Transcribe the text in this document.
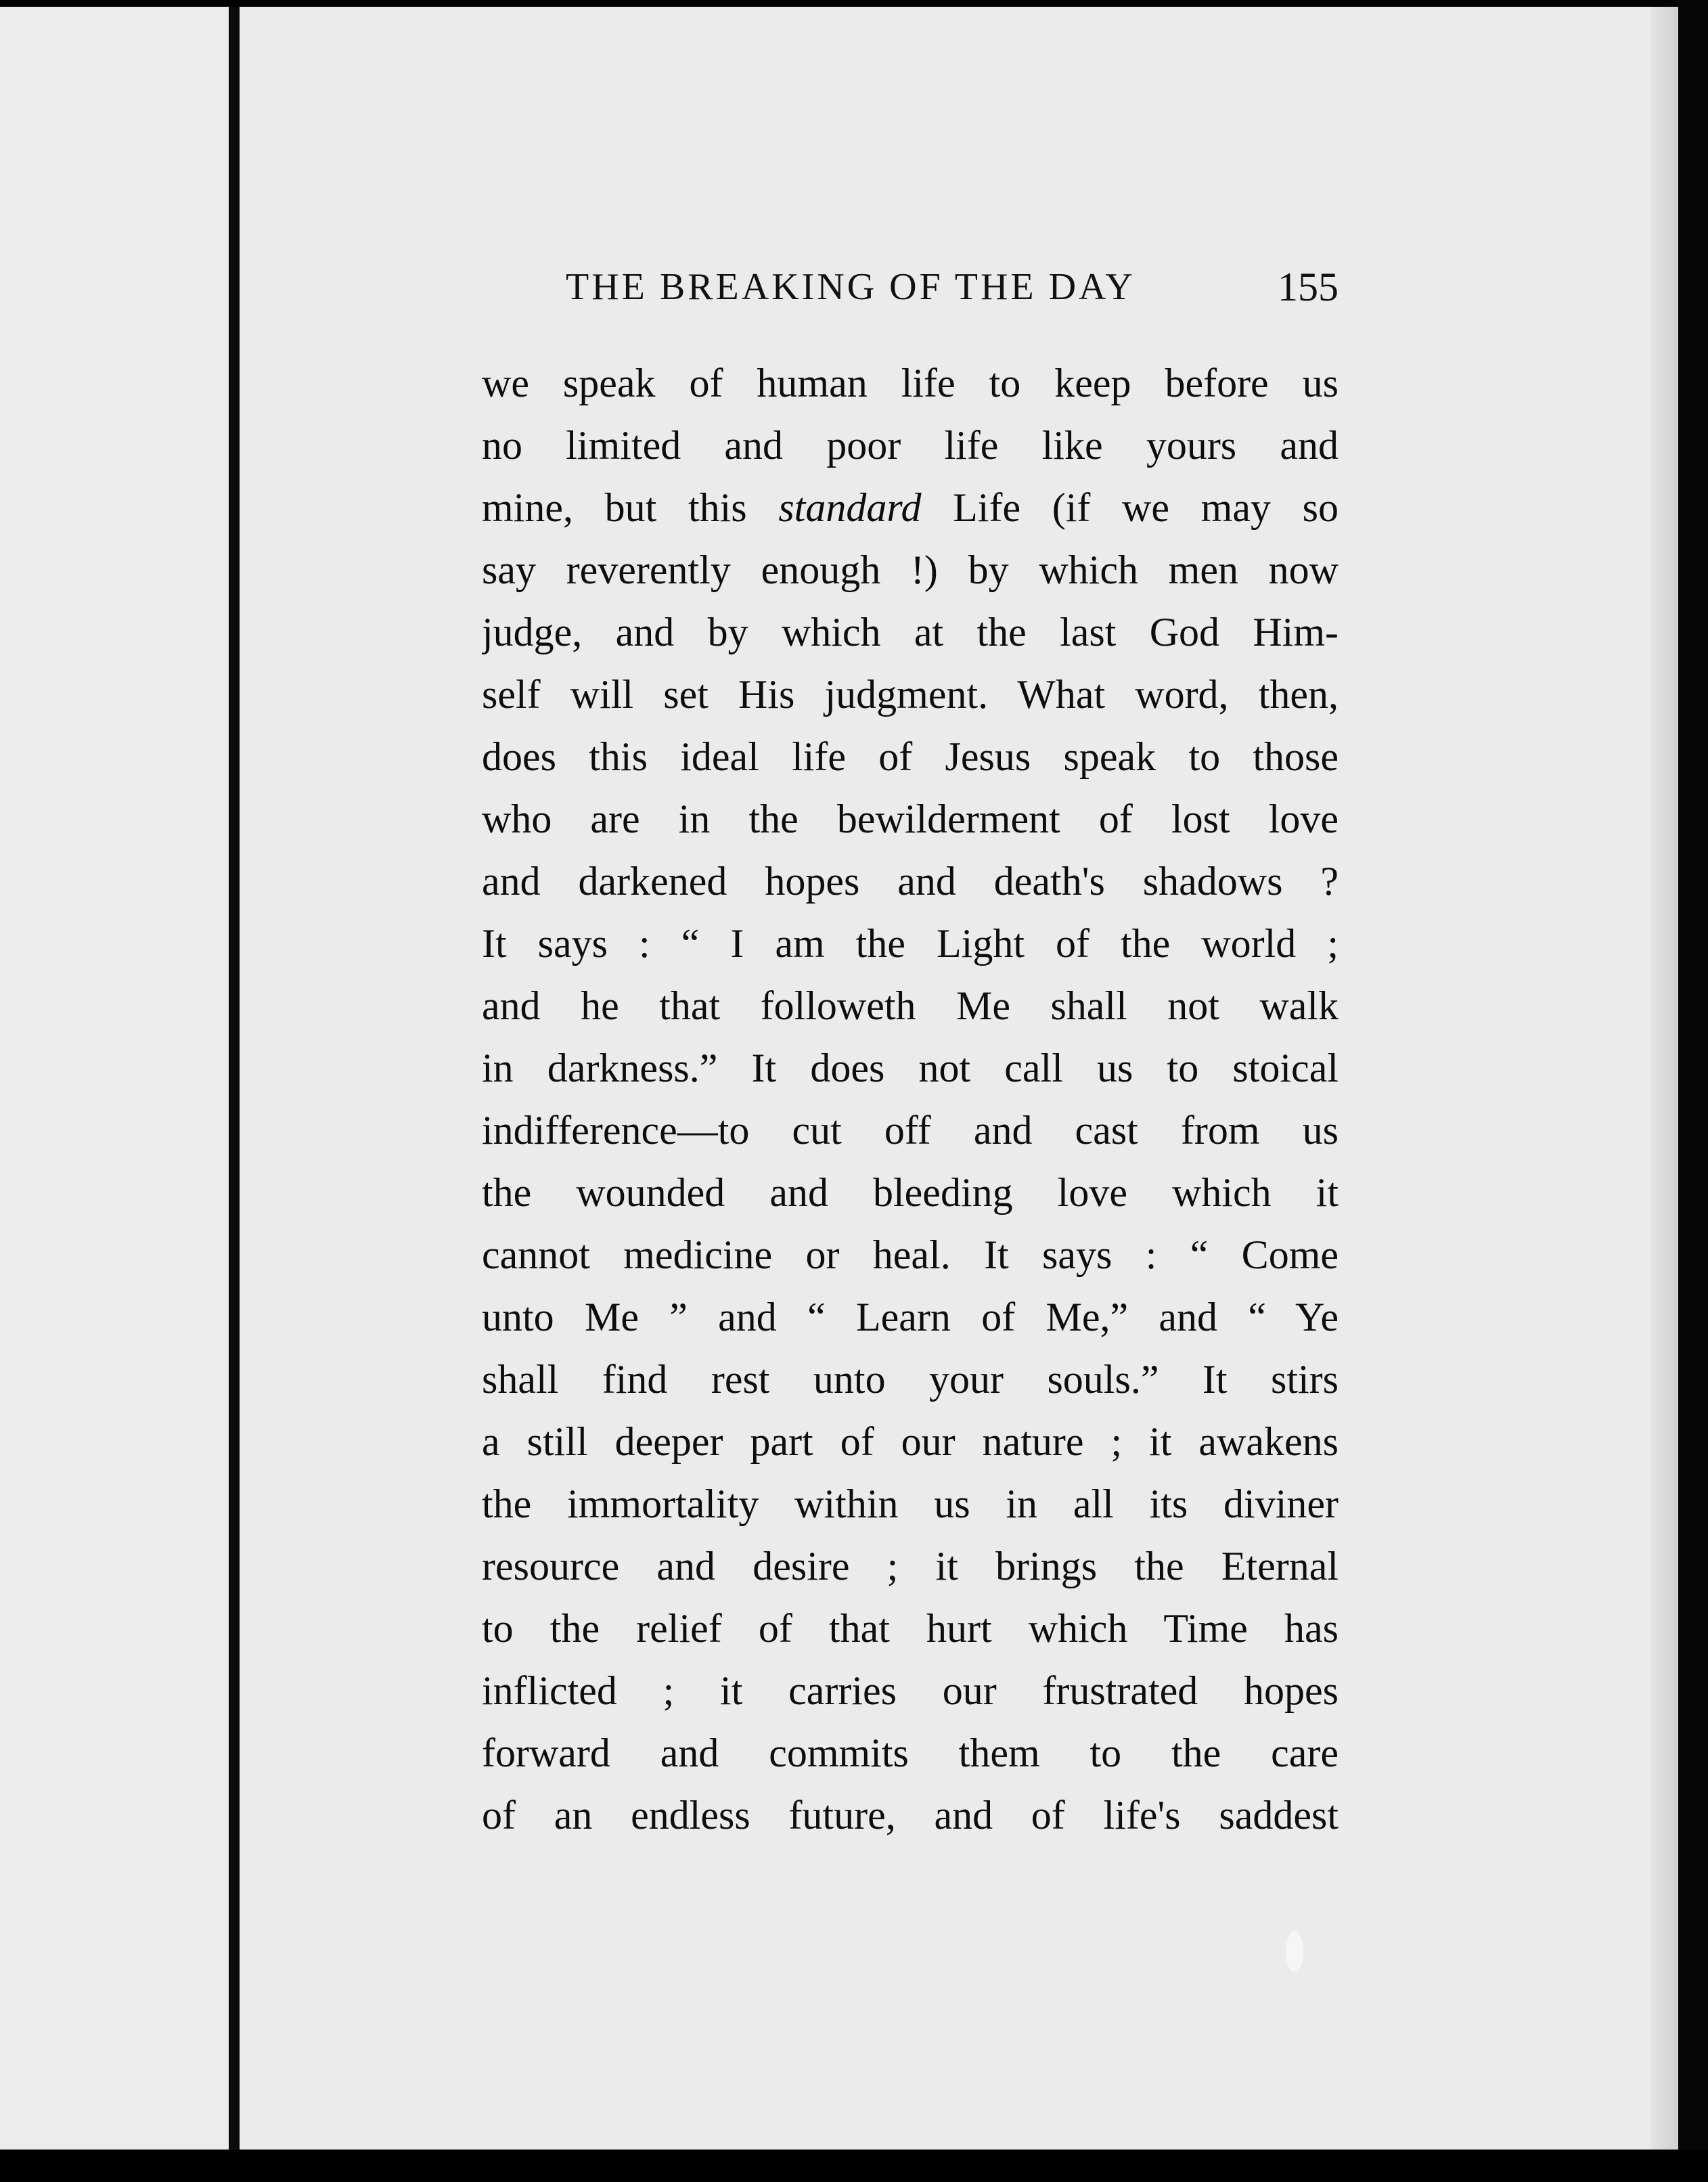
THE BREAKING OF THE DAY	155
we speak of human life to keep before us
no limited and poor life like yours and
mine, but this standard Life (if we may so
say reverently enough !) by which men now
judge, and by which at the last God Him-
self will set His judgment. What word, then,
does this ideal life of Jesus speak to those
who are in the bewilderment of lost love
and darkened hopes and death's shadows ?
It says : “ I am the Light of the world ;
and he that followeth Me shall not walk
in darkness.” It does not call us to stoical
indifference—to cut off and cast from us
the wounded and bleeding love which it
cannot medicine or heal. It says : “ Come
unto Me ” and “ Learn of Me,” and “ Ye
shall find rest unto your souls.” It stirs
a still deeper part of our nature ; it awakens
the immortality within us in all its diviner
resource and desire ; it brings the Eternal
to the relief of that hurt which Time has
inflicted ; it carries our frustrated hopes
forward and commits them to the care
of an endless future, and of life's saddest
